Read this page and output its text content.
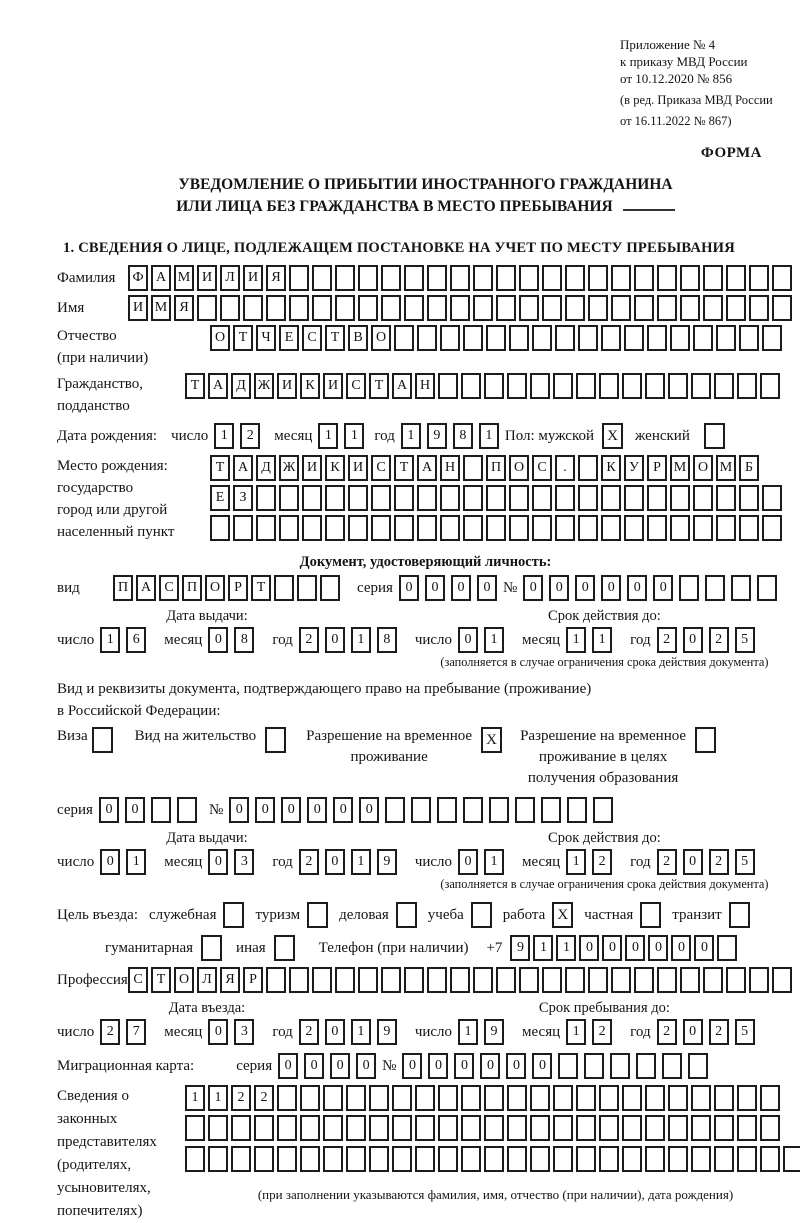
Приложение № 4
к приказу МВД России
от 10.12.2020 № 856
(в ред. Приказа МВД России
от 16.11.2022 № 867)
ФОРМА
УВЕДОМЛЕНИЕ О ПРИБЫТИИ ИНОСТРАННОГО ГРАЖДАНИНА
ИЛИ ЛИЦА БЕЗ ГРАЖДАНСТВА В МЕСТО ПРЕБЫВАНИЯ
1. СВЕДЕНИЯ О ЛИЦЕ, ПОДЛЕЖАЩЕМ ПОСТАНОВКЕ НА УЧЕТ ПО МЕСТУ ПРЕБЫВАНИЯ
Фамилия	Ф А М И Л И Я
Имя	И М Я
Отчество
(при наличии)
О Т	Ч	Е	С	Т	В О
Гражданство,
подданство
Т А Д Ж И К И С	Т А Н
Дата рождения: число 1	2	месяц 1	1	год 1	9	8	1 Пол: мужской X	женский
Место рождения:
государство
город или другой
населенный пункт
Т А Д Ж И К И С	Т А Н	П О С	.	К У	Р М О М Б

Е	З

Документ, удостоверяющий личность:
вид	П А С П О	Р	Т	серия 0	0	0	0 № 0	0	0	0	0	0
Дата выдачи:
число 1	6	месяц 0	8	год 2	0	1	8
Срок действия до:
число 0	1	месяц 1	1	год 2	0	2	5
(заполняется в случае ограничения срока действия документа)
Вид и реквизиты документа, подтверждающего право на пребывание (проживание)
в Российской Федерации:
Виза	Вид на жительство	Разрешение на временное
проживание
X	Разрешение на временное
проживание в целях
получения образования
серия 0	0	№ 0	0	0	0	0	0
Дата выдачи:
число 0	1	месяц 0	3	год 2	0	1	9
Срок действия до:
число 0	1	месяц 1	2	год 2	0	2	5
(заполняется в случае ограничения срока действия документа)
Цель въезда: служебная	туризм	деловая	учеба	работа X	частная	транзит
гуманитарная	иная	Телефон (при наличии) +7	9	1	1	0	0	0	0	0	0
Профессия С	Т О Л Я	Р
Дата въезда:
число 2	7	месяц 0	3	год 2	0	1	9
Срок пребывания до:
число 1	9	месяц 1	2	год 2	0	2	5
Миграционная карта:	серия 0	0	0	0 № 0	0	0	0	0	0
Сведения о
законных
представителях
(родителях,
усыновителях,
попечителях)
1	1	2	2

(при заполнении указываются фамилия, имя, отчество (при наличии), дата рождения)
